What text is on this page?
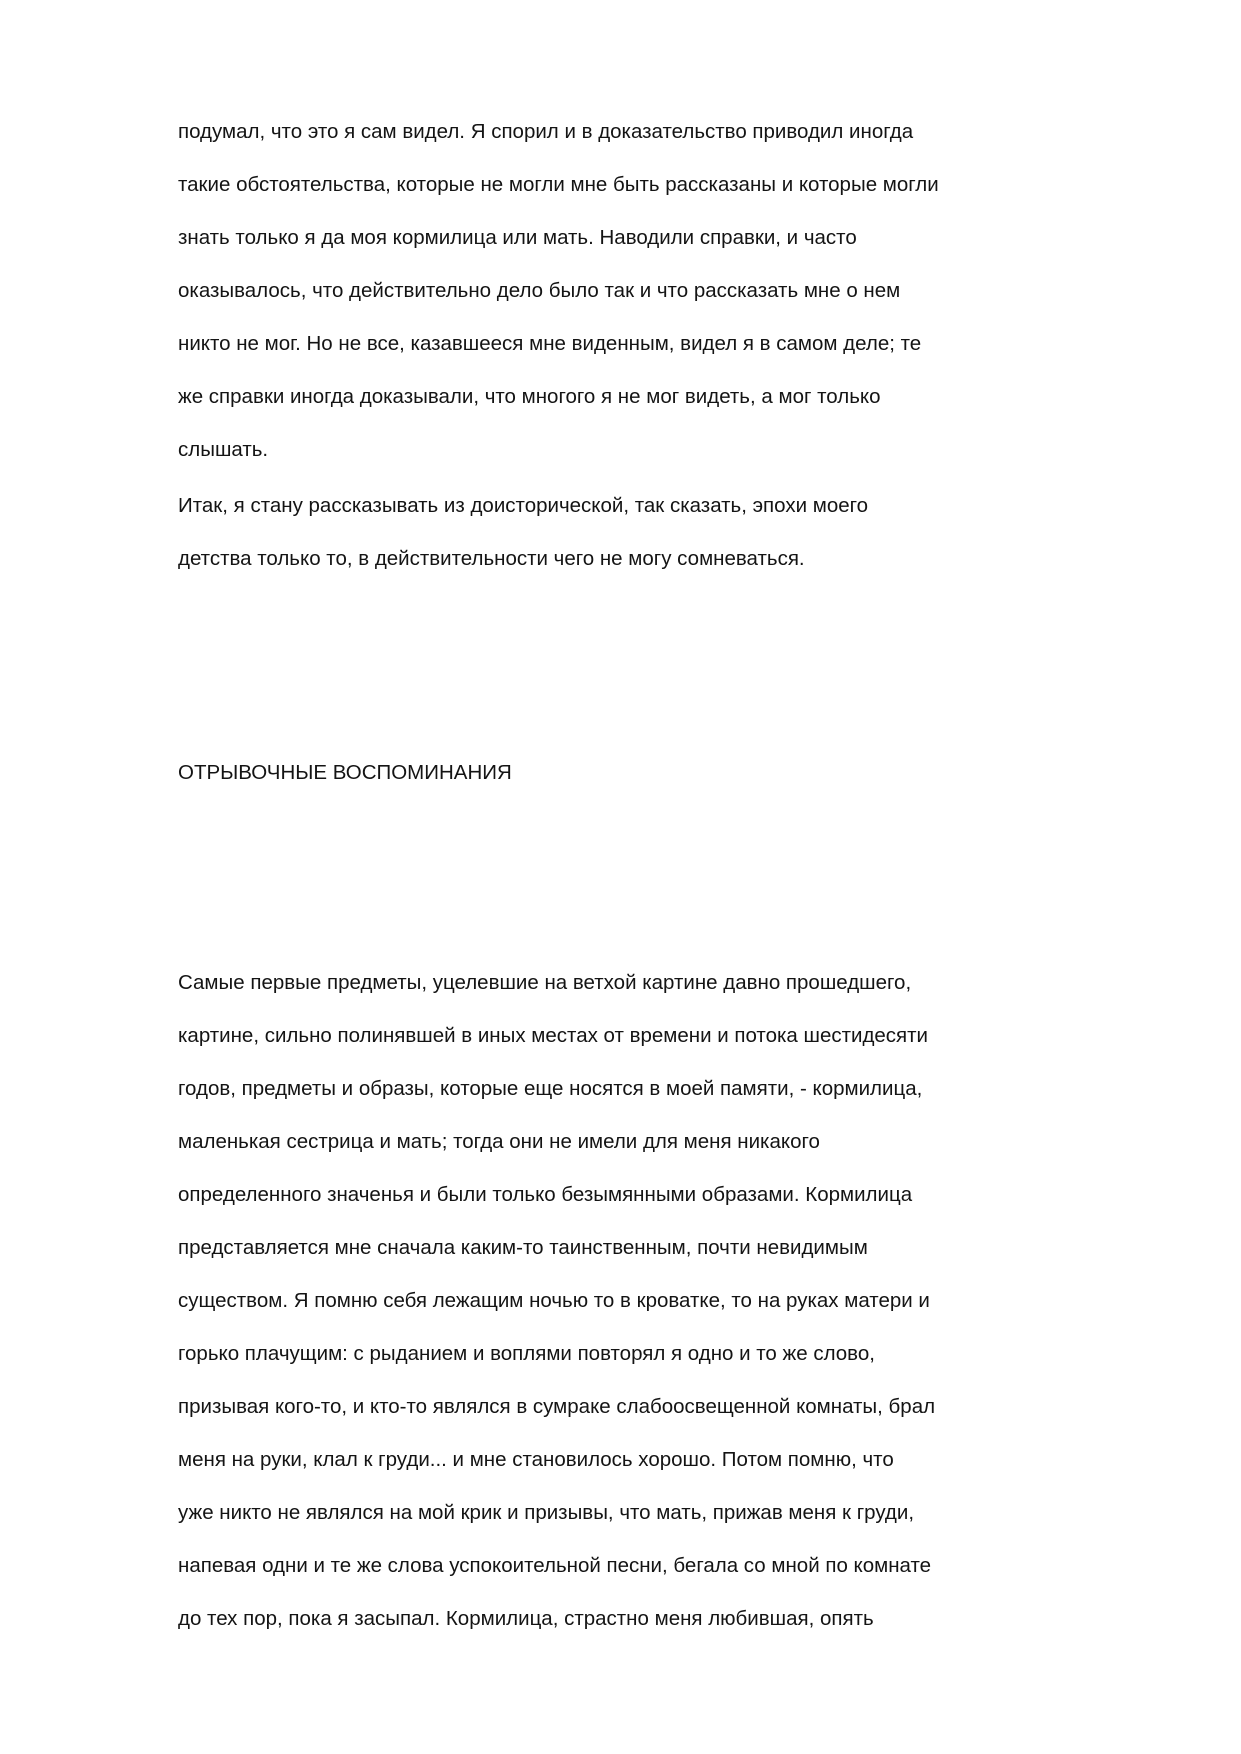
подумал, что это я сам видел. Я спорил и в доказательство приводил иногда
такие обстоятельства, которые не могли мне быть рассказаны и которые могли
знать только я да моя кормилица или мать. Наводили справки, и часто
оказывалось, что действительно дело было так и что рассказать мне о нем
никто не мог. Но не все, казавшееся мне виденным, видел я в самом деле; те
же справки иногда доказывали, что многого я не мог видеть, а мог только
слышать.
Итак, я стану рассказывать из доисторической, так сказать, эпохи моего
детства только то, в действительности чего не могу сомневаться.
ОТРЫВОЧНЫЕ ВОСПОМИНАНИЯ
Самые первые предметы, уцелевшие на ветхой картине давно прошедшего,
картине, сильно полинявшей в иных местах от времени и потока шестидесяти
годов, предметы и образы, которые еще носятся в моей памяти, - кормилица,
маленькая сестрица и мать; тогда они не имели для меня никакого
определенного значенья и были только безымянными образами. Кормилица
представляется мне сначала каким-то таинственным, почти невидимым
существом. Я помню себя лежащим ночью то в кроватке, то на руках матери и
горько плачущим: с рыданием и воплями повторял я одно и то же слово,
призывая кого-то, и кто-то являлся в сумраке слабоосвещенной комнаты, брал
меня на руки, клал к груди... и мне становилось хорошо. Потом помню, что
уже никто не являлся на мой крик и призывы, что мать, прижав меня к груди,
напевая одни и те же слова успокоительной песни, бегала со мной по комнате
до тех пор, пока я засыпал. Кормилица, страстно меня любившая, опять
